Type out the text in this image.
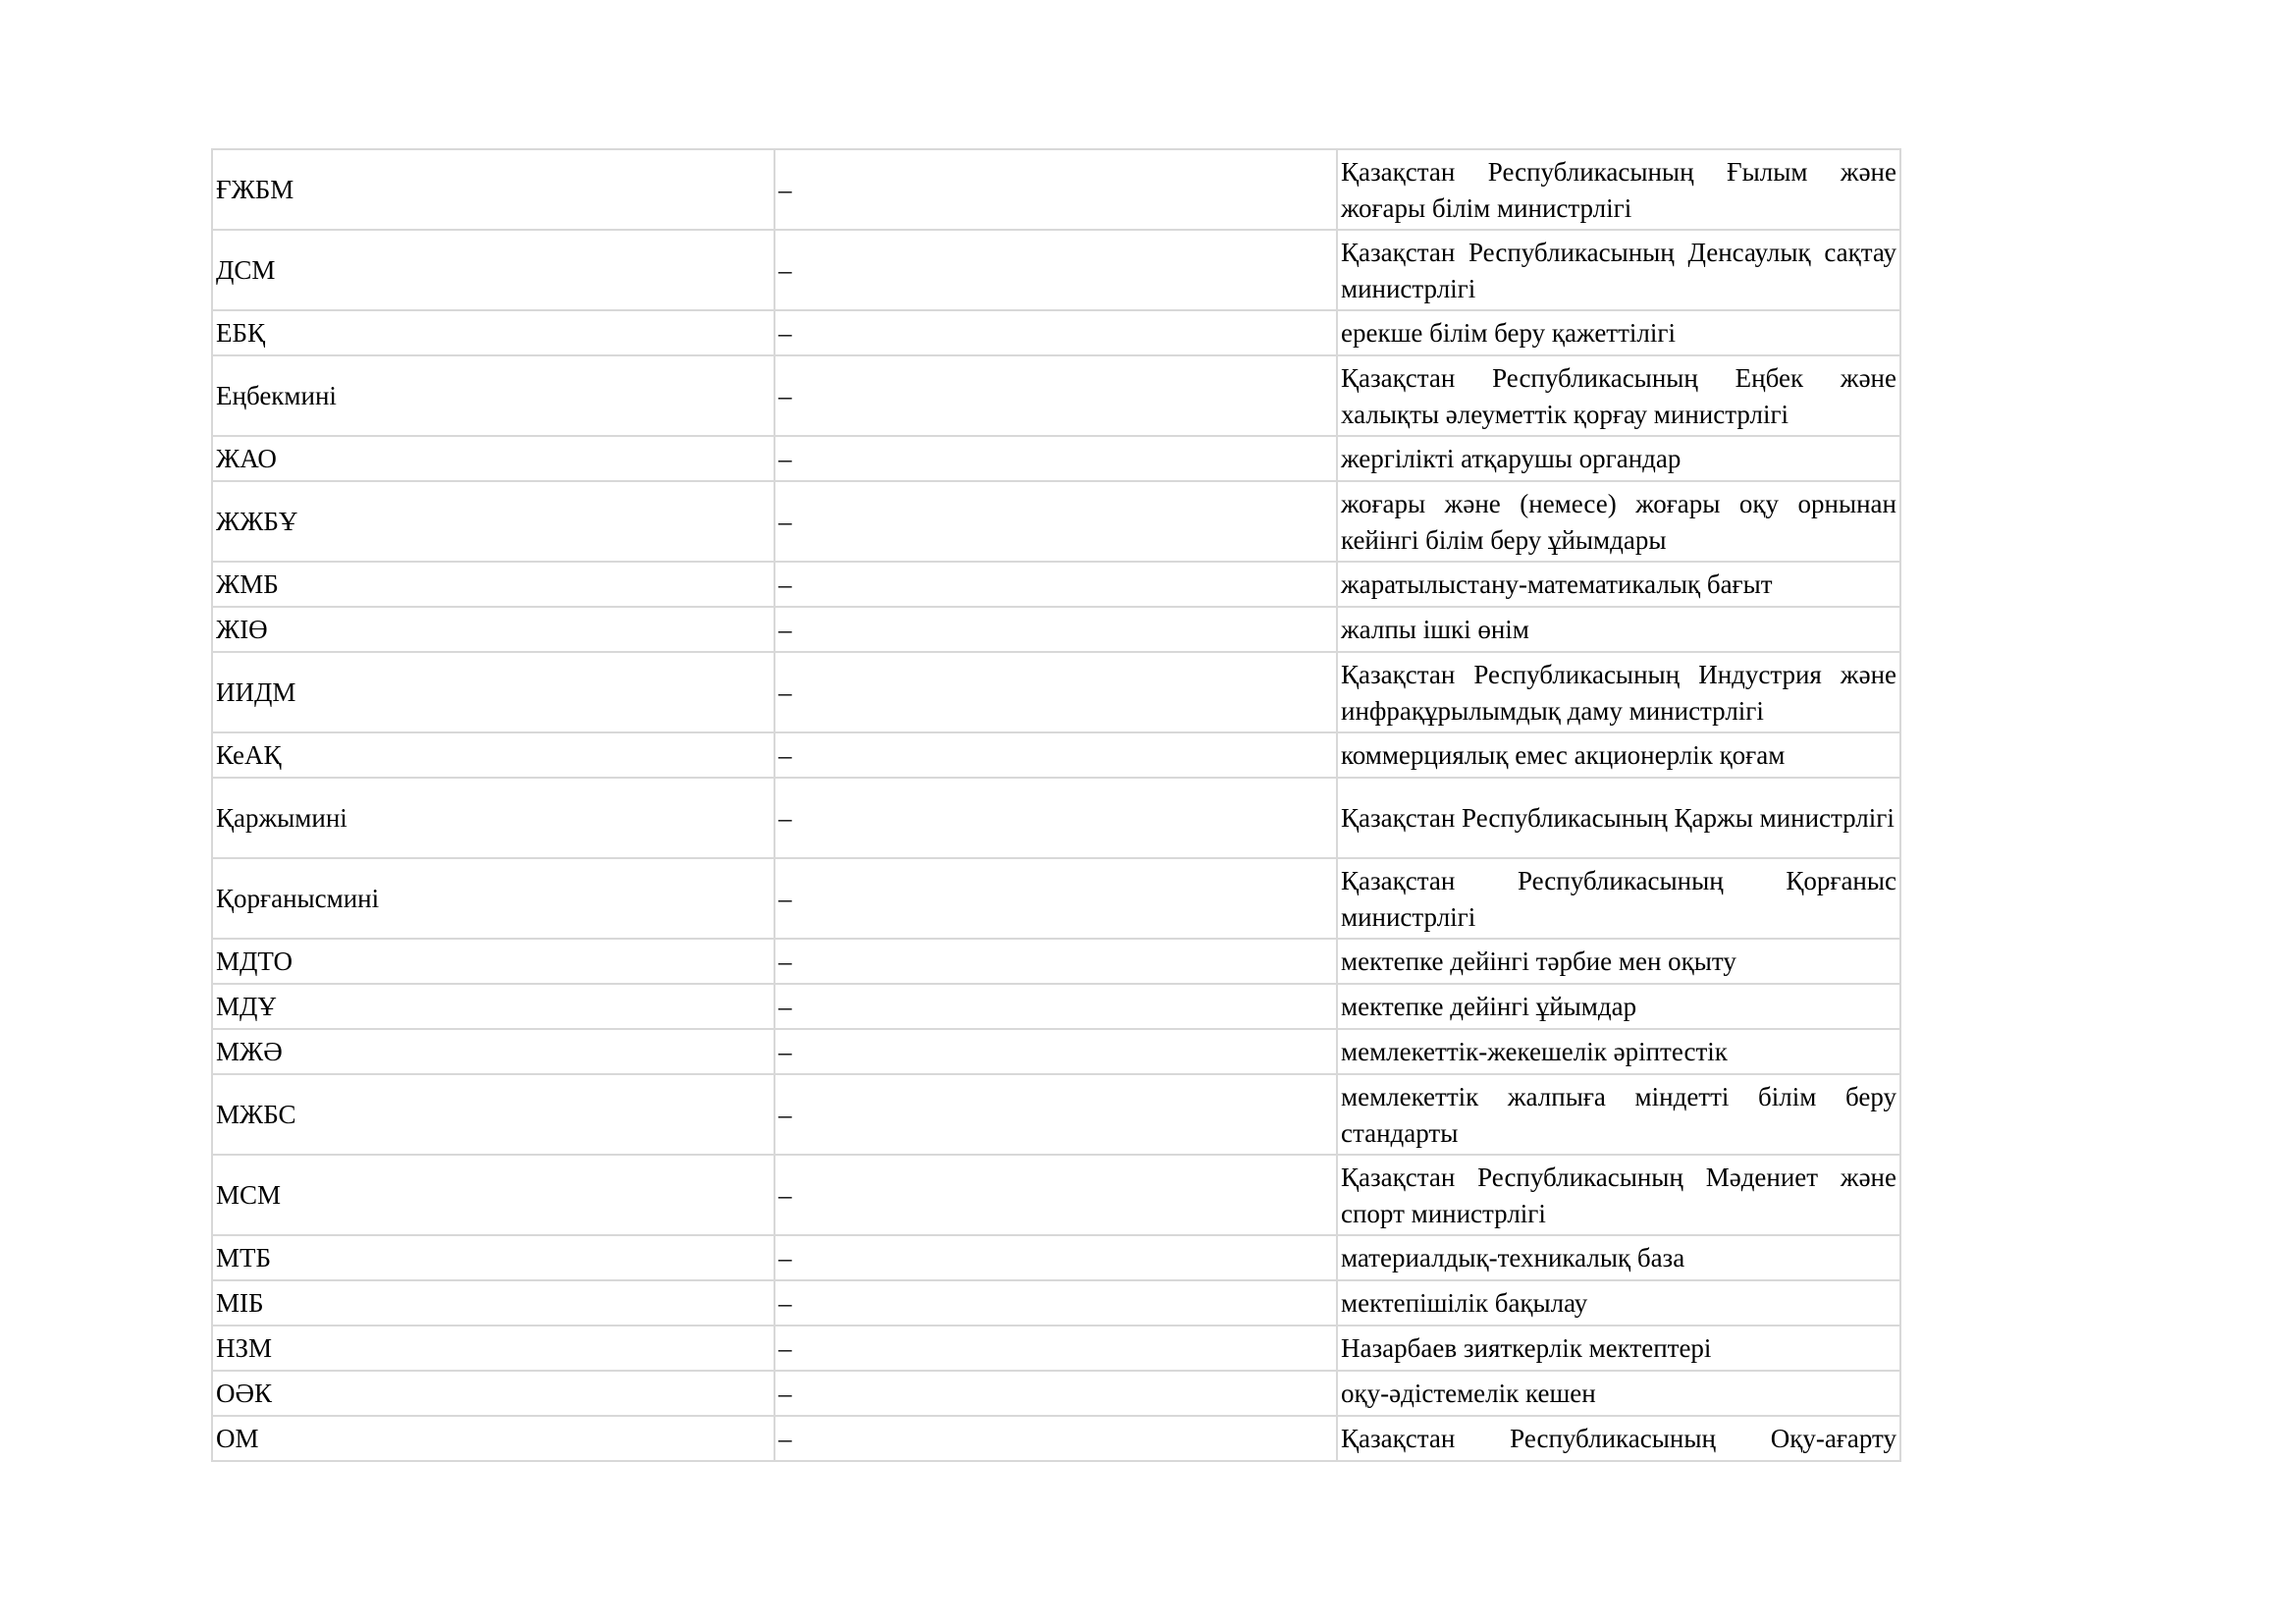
ҒЖБМ	–	Қазақстан Республикасының Ғылым және жоғары білім министрлігі
ДСМ	–	Қазақстан Республикасының Денсаулық сақтау министрлігі
ЕБҚ	–	ерекше білім беру қажеттілігі
Еңбекмині	–	Қазақстан Республикасының Еңбек және халықты әлеуметтік қорғау министрлігі
ЖАО	–	жергілікті атқарушы органдар
ЖЖБҰ	–	жоғары және (немесе) жоғары оқу орнынан кейінгі білім беру ұйымдары
ЖМБ	–	жаратылыстану-математикалық бағыт
ЖІӨ	–	жалпы ішкі өнім
ИИДМ	–	Қазақстан Республикасының Индустрия және инфрақұрылымдық даму министрлігі
КеАҚ	–	коммерциялық емес акционерлік қоғам
Қаржымині	–	Қазақстан Республикасының Қаржы министрлігі
Қорғанысмині	–	Қазақстан Республикасының Қорғаныс министрлігі
МДТО	–	мектепке дейінгі тәрбие мен оқыту
МДҰ	–	мектепке дейінгі ұйымдар
МЖӘ	–	мемлекеттік-жекешелік әріптестік
МЖБС	–	мемлекеттік жалпыға міндетті білім беру стандарты
МСМ	–	Қазақстан Республикасының Мәдениет және спорт министрлігі
МТБ	–	материалдық-техникалық база
МІБ	–	мектепішілік бақылау
НЗМ	–	Назарбаев зияткерлік мектептері
ОӘК	–	оқу-әдістемелік кешен
ОМ	–	Қазақстан Республикасының Оқу-ағарту
